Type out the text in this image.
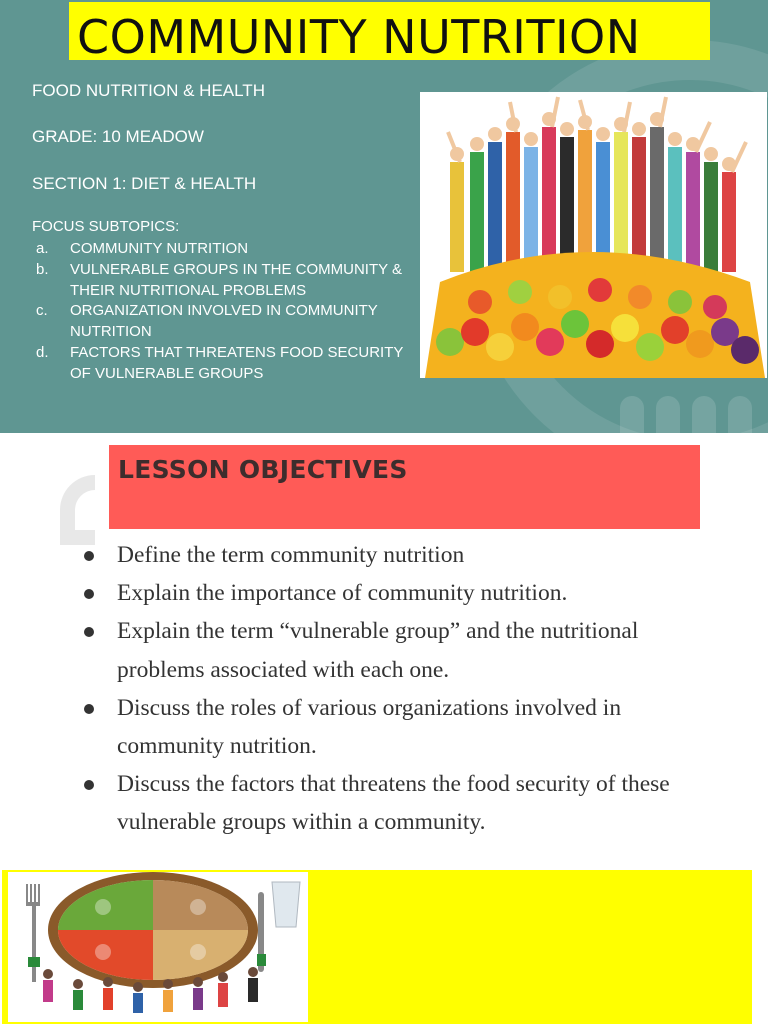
COMMUNITY NUTRITION
FOOD NUTRITION & HEALTH
GRADE: 10 MEADOW
SECTION 1: DIET & HEALTH
FOCUS SUBTOPICS:
a. COMMUNITY NUTRITION
b. VULNERABLE GROUPS IN THE COMMUNITY & THEIR NUTRITIONAL PROBLEMS
c. ORGANIZATION INVOLVED IN COMMUNITY NUTRITION
d. FACTORS THAT THREATENS FOOD SECURITY OF VULNERABLE GROUPS
LESSON OBJECTIVES
Define the term community nutrition
Explain the importance of community nutrition.
Explain the term “vulnerable group” and the nutritional problems associated with each one.
Discuss the roles of various organizations involved in community nutrition.
Discuss the factors that threatens the food security of these vulnerable groups within a community.
